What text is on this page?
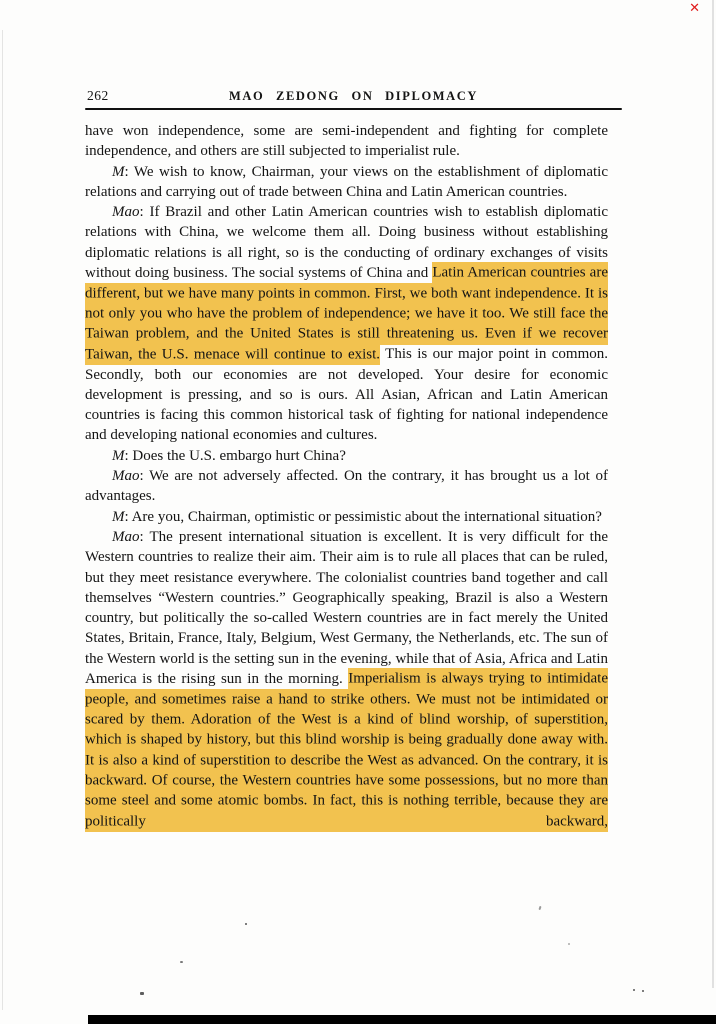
✕
262	MAO ZEDONG ON DIPLOMACY

have won independence, some are semi-independent and fighting for complete independence, and others are still subjected to imperialist rule.

M: We wish to know, Chairman, your views on the establishment of diplomatic relations and carrying out of trade between China and Latin American countries.

Mao: If Brazil and other Latin American countries wish to establish diplomatic relations with China, we welcome them all. Doing business without establishing diplomatic relations is all right, so is the conducting of ordinary exchanges of visits without doing business. The social systems of China and Latin American countries are different, but we have many points in common. First, we both want independence. It is not only you who have the problem of independence; we have it too. We still face the Taiwan problem, and the United States is still threatening us. Even if we recover Taiwan, the U.S. menace will continue to exist. This is our major point in common. Secondly, both our economies are not developed. Your desire for economic development is pressing, and so is ours. All Asian, African and Latin American countries is facing this common historical task of fighting for national independence and developing national economies and cultures.

M: Does the U.S. embargo hurt China?

Mao: We are not adversely affected. On the contrary, it has brought us a lot of advantages.

M: Are you, Chairman, optimistic or pessimistic about the international situation?

Mao: The present international situation is excellent. It is very difficult for the Western countries to realize their aim. Their aim is to rule all places that can be ruled, but they meet resistance everywhere. The colonialist countries band together and call themselves “Western countries.” Geographically speaking, Brazil is also a Western country, but politically the so-called Western countries are in fact merely the United States, Britain, France, Italy, Belgium, West Germany, the Netherlands, etc. The sun of the Western world is the setting sun in the evening, while that of Asia, Africa and Latin America is the rising sun in the morning. Imperialism is always trying to intimidate people, and sometimes raise a hand to strike others. We must not be intimidated or scared by them. Adoration of the West is a kind of blind worship, of superstition, which is shaped by history, but this blind worship is being gradually done away with. It is also a kind of superstition to describe the West as advanced. On the contrary, it is backward. Of course, the Western countries have some possessions, but no more than some steel and some atomic bombs. In fact, this is nothing terrible, because they are politically backward,
